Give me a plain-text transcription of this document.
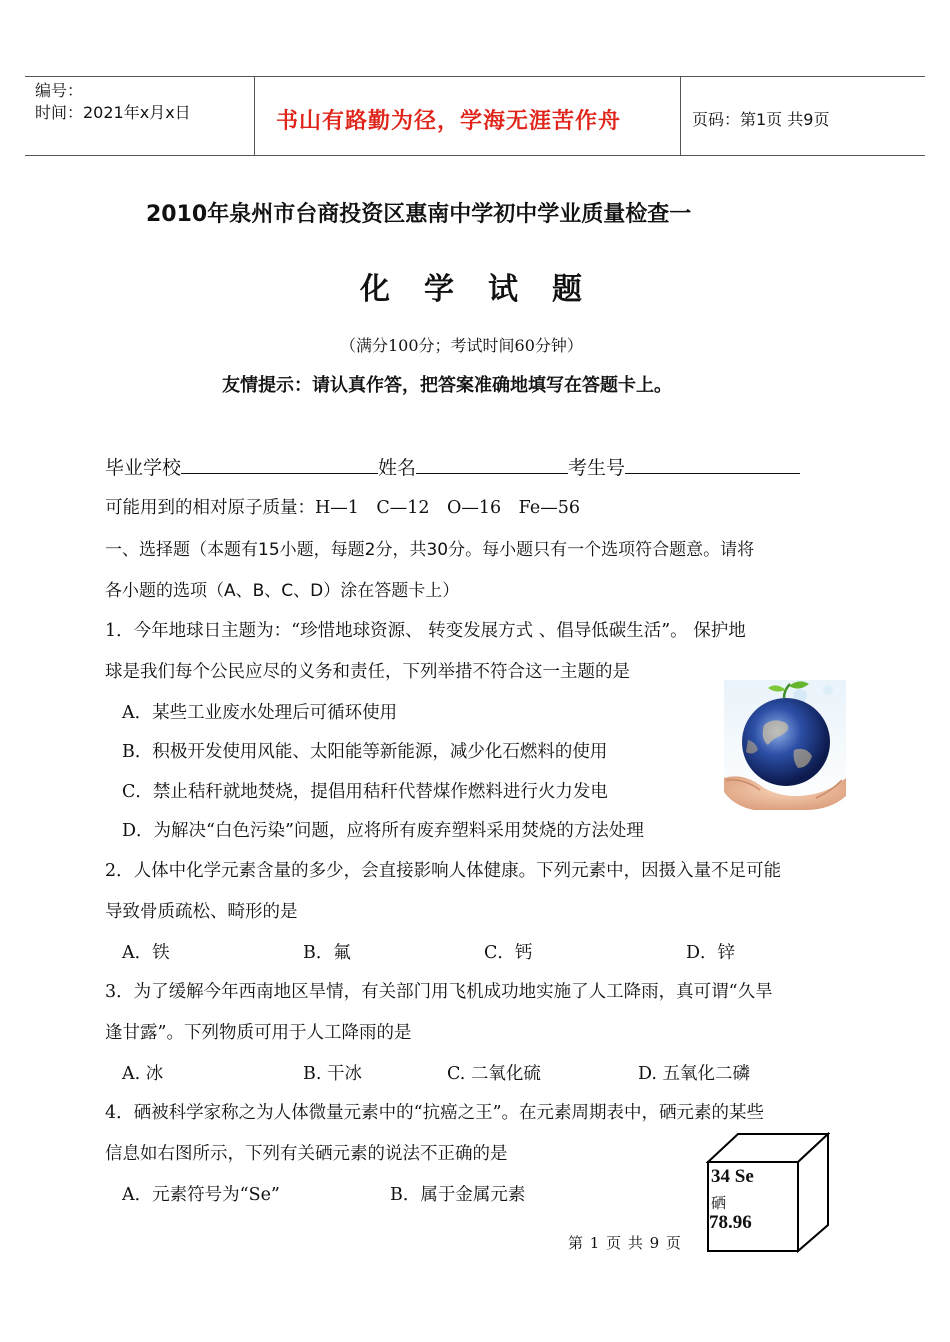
编号：
时间：2021年x月x日	书山有路勤为径，学海无涯苦作舟	页码：第1页 共9页
2010年泉州市台商投资区惠南中学初中学业质量检查一
化学试题
（满分100分；考试时间60分钟）
友情提示：请认真作答，把答案准确地填写在答题卡上。
毕业学校	姓名	考生号
可能用到的相对原子质量：H—1　C—12　O—16　Fe—56
一、选择题（本题有15小题，每题2分，共30分。每小题只有一个选项符合题意。请将
各小题的选项（A、B、C、D）涂在答题卡上）
1．今年地球日主题为：“珍惜地球资源、 转变发展方式 、倡导低碳生活”。 保护地
球是我们每个公民应尽的义务和责任，下列举措不符合这一主题的是
A．某些工业废水处理后可循环使用
B．积极开发使用风能、太阳能等新能源，减少化石燃料的使用
C．禁止秸秆就地焚烧，提倡用秸秆代替煤作燃料进行火力发电
D．为解决“白色污染”问题，应将所有废弃塑料采用焚烧的方法处理
2．人体中化学元素含量的多少，会直接影响人体健康。下列元素中，因摄入量不足可能
导致骨质疏松、畸形的是
A．铁	B．氟	C．钙	D．锌
3．为了缓解今年西南地区旱情，有关部门用飞机成功地实施了人工降雨，真可谓“久旱
逢甘露”。下列物质可用于人工降雨的是
A. 冰	B. 干冰	C. 二氧化硫	D. 五氧化二磷
4．硒被科学家称之为人体微量元素中的“抗癌之王”。在元素周期表中，硒元素的某些
信息如右图所示，下列有关硒元素的说法不正确的是
A．元素符号为“Se”	B．属于金属元素
34 Se
硒
78.96
第 1 页 共 9 页
